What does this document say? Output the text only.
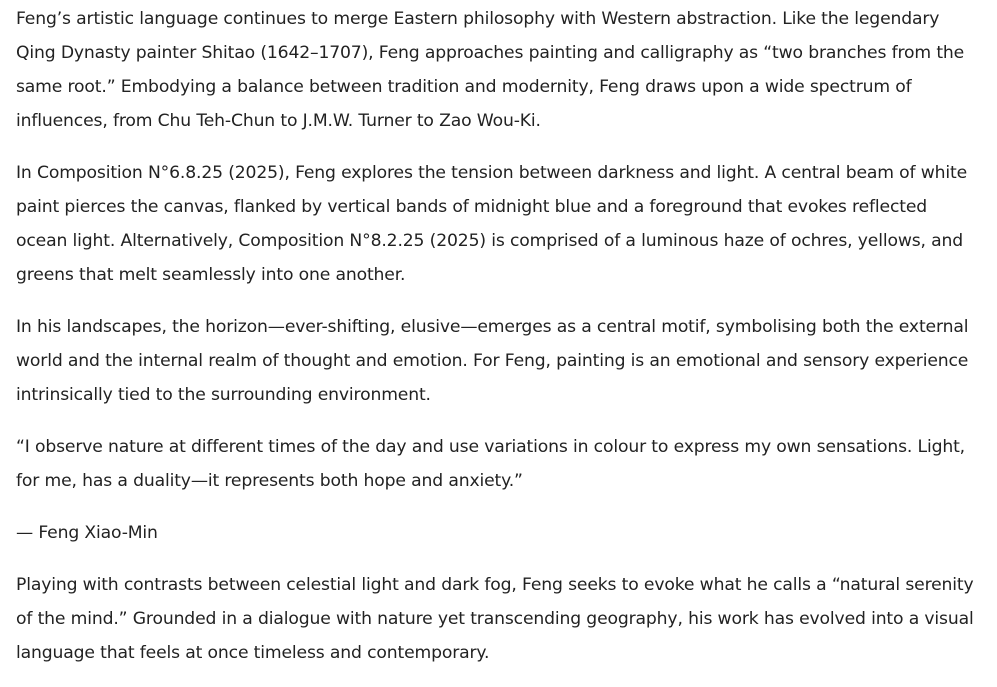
Feng’s artistic language continues to merge Eastern philosophy with Western abstraction. Like the legendary Qing Dynasty painter Shitao (1642–1707), Feng approaches painting and calligraphy as “two branches from the same root.” Embodying a balance between tradition and modernity, Feng draws upon a wide spectrum of influences, from Chu Teh-Chun to J.M.W. Turner to Zao Wou-Ki.

In Composition N°6.8.25 (2025), Feng explores the tension between darkness and light. A central beam of white paint pierces the canvas, flanked by vertical bands of midnight blue and a foreground that evokes reflected ocean light. Alternatively, Composition N°8.2.25 (2025) is comprised of a luminous haze of ochres, yellows, and greens that melt seamlessly into one another.

In his landscapes, the horizon—ever-shifting, elusive—emerges as a central motif, symbolising both the external world and the internal realm of thought and emotion. For Feng, painting is an emotional and sensory experience intrinsically tied to the surrounding environment.

“I observe nature at different times of the day and use variations in colour to express my own sensations. Light, for me, has a duality—it represents both hope and anxiety.”

— Feng Xiao-Min

Playing with contrasts between celestial light and dark fog, Feng seeks to evoke what he calls a “natural serenity of the mind.” Grounded in a dialogue with nature yet transcending geography, his work has evolved into a visual language that feels at once timeless and contemporary.
